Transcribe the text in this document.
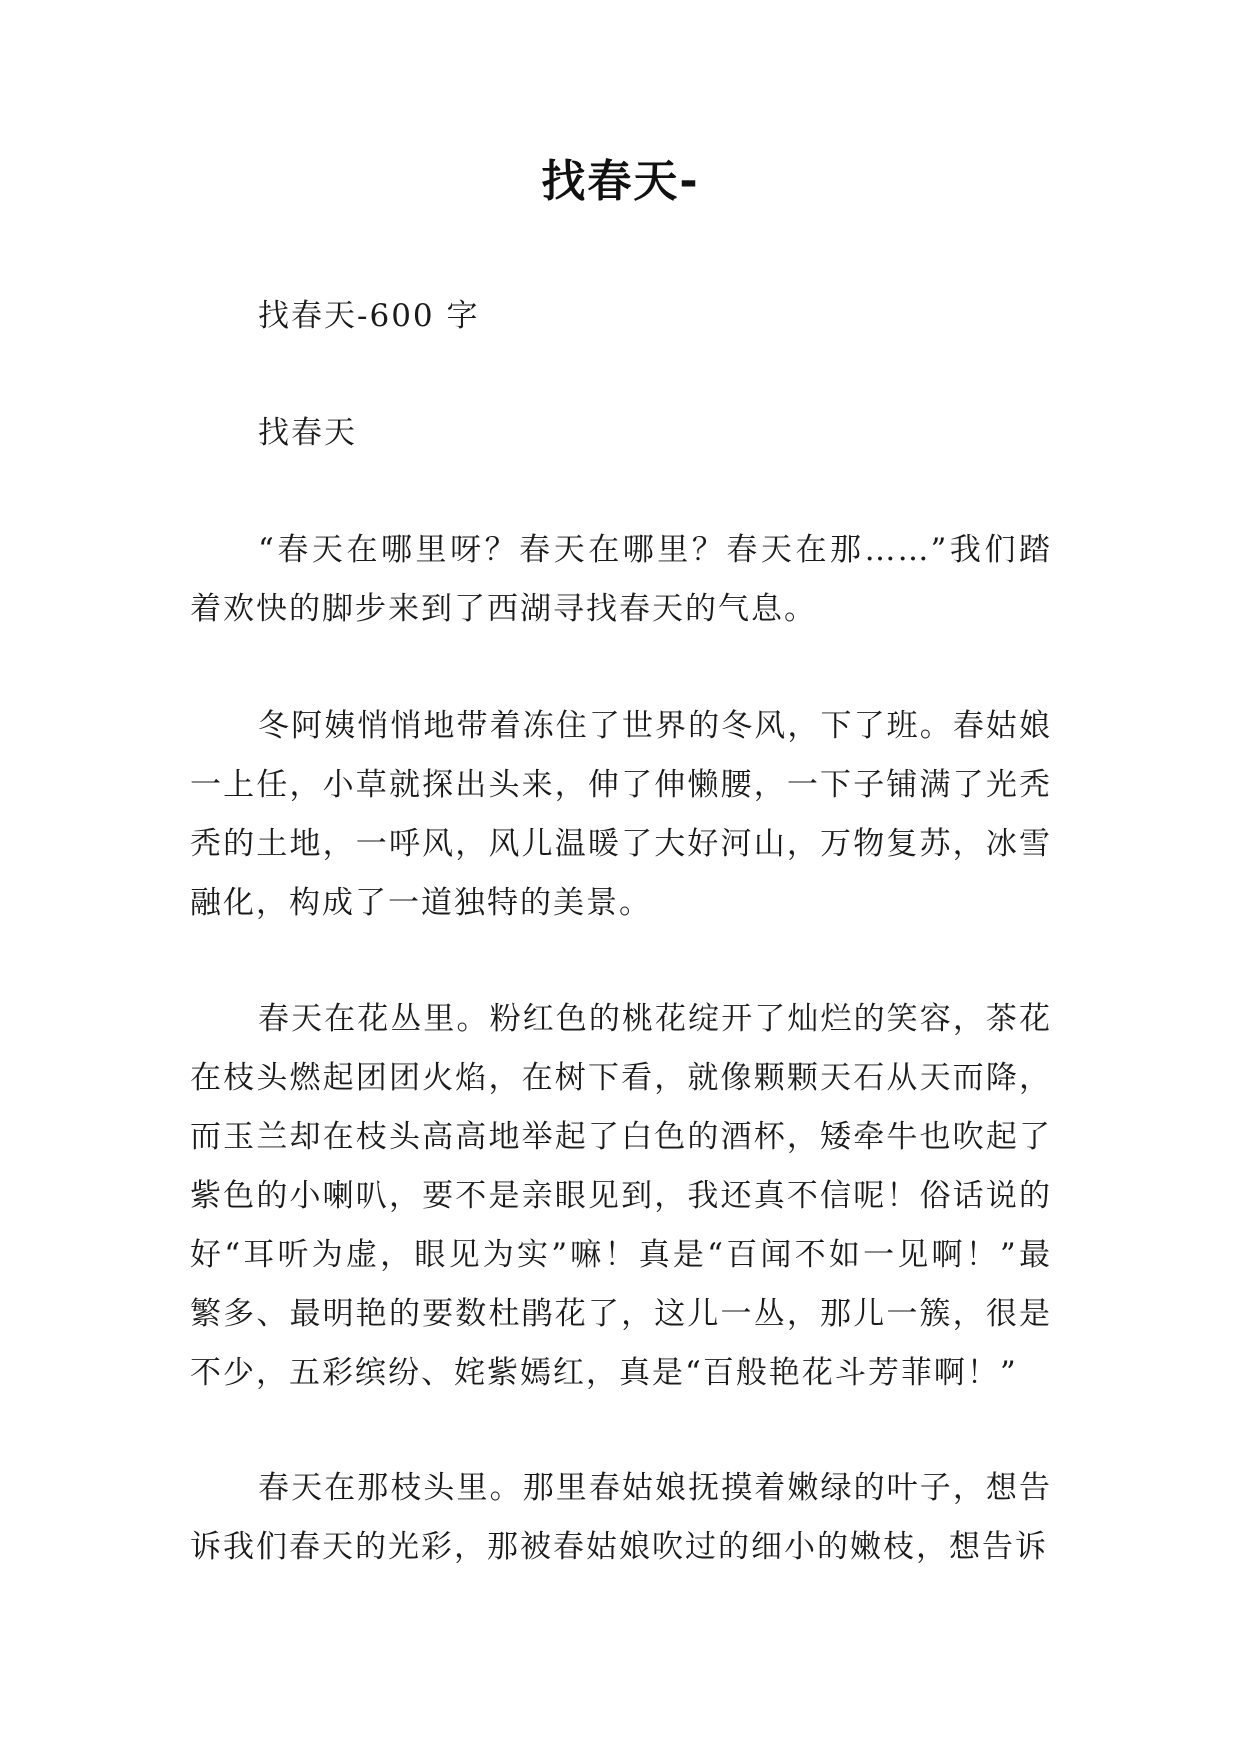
找春天-

找春天-600 字

找春天

“春天在哪里呀？春天在哪里？春天在那……”我们踏着欢快的脚步来到了西湖寻找春天的气息。

冬阿姨悄悄地带着冻住了世界的冬风，下了班。春姑娘一上任，小草就探出头来，伸了伸懒腰，一下子铺满了光秃秃的土地，一呼风，风儿温暖了大好河山，万物复苏，冰雪融化，构成了一道独特的美景。

春天在花丛里。粉红色的桃花绽开了灿烂的笑容，茶花在枝头燃起团团火焰，在树下看，就像颗颗天石从天而降，而玉兰却在枝头高高地举起了白色的酒杯，矮牵牛也吹起了紫色的小喇叭，要不是亲眼见到，我还真不信呢！俗话说的好“耳听为虚，眼见为实”嘛！真是“百闻不如一见啊！”最繁多、最明艳的要数杜鹃花了，这儿一丛，那儿一簇，很是不少，五彩缤纷、姹紫嫣红，真是“百般艳花斗芳菲啊！”

春天在那枝头里。那里春姑娘抚摸着嫩绿的叶子，想告诉我们春天的光彩，那被春姑娘吹过的细小的嫩枝，想告诉
